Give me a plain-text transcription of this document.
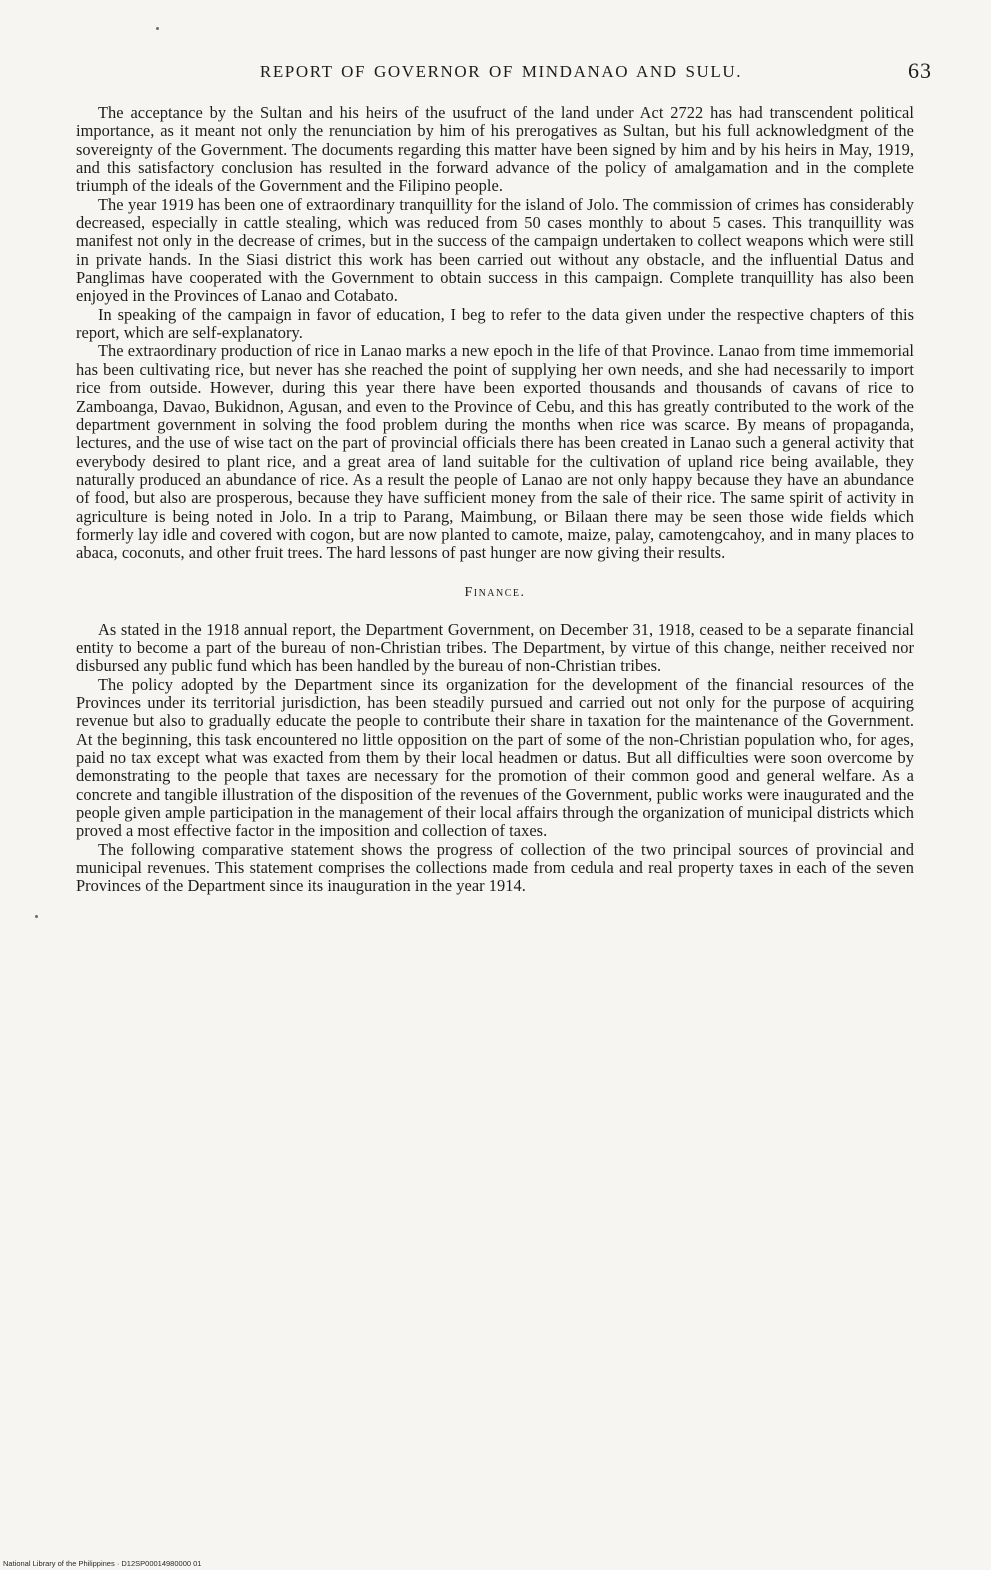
REPORT OF GOVERNOR OF MINDANAO AND SULU.	63

The acceptance by the Sultan and his heirs of the usufruct of the land under Act 2722 has had transcendent political importance, as it meant not only the renunciation by him of his prerogatives as Sultan, but his full acknowledgment of the sovereignty of the Government. The documents regarding this matter have been signed by him and by his heirs in May, 1919, and this satisfactory conclusion has resulted in the forward advance of the policy of amalgamation and in the complete triumph of the ideals of the Government and the Filipino people.

The year 1919 has been one of extraordinary tranquillity for the island of Jolo. The commission of crimes has considerably decreased, especially in cattle stealing, which was reduced from 50 cases monthly to about 5 cases. This tranquillity was manifest not only in the decrease of crimes, but in the success of the campaign undertaken to collect weapons which were still in private hands. In the Siasi district this work has been carried out without any obstacle, and the influential Datus and Panglimas have cooperated with the Government to obtain success in this campaign. Complete tranquillity has also been enjoyed in the Provinces of Lanao and Cotabato.

In speaking of the campaign in favor of education, I beg to refer to the data given under the respective chapters of this report, which are self-explanatory.

The extraordinary production of rice in Lanao marks a new epoch in the life of that Province. Lanao from time immemorial has been cultivating rice, but never has she reached the point of supplying her own needs, and she had necessarily to import rice from outside. However, during this year there have been exported thousands and thousands of cavans of rice to Zamboanga, Davao, Bukidnon, Agusan, and even to the Province of Cebu, and this has greatly contributed to the work of the department government in solving the food problem during the months when rice was scarce. By means of propaganda, lectures, and the use of wise tact on the part of provincial officials there has been created in Lanao such a general activity that everybody desired to plant rice, and a great area of land suitable for the cultivation of upland rice being available, they naturally produced an abundance of rice. As a result the people of Lanao are not only happy because they have an abundance of food, but also are prosperous, because they have sufficient money from the sale of their rice. The same spirit of activity in agriculture is being noted in Jolo. In a trip to Parang, Maimbung, or Bilaan there may be seen those wide fields which formerly lay idle and covered with cogon, but are now planted to camote, maize, palay, camotengcahoy, and in many places to abaca, coconuts, and other fruit trees. The hard lessons of past hunger are now giving their results.

Finance.

As stated in the 1918 annual report, the Department Government, on December 31, 1918, ceased to be a separate financial entity to become a part of the bureau of non-Christian tribes. The Department, by virtue of this change, neither received nor disbursed any public fund which has been handled by the bureau of non-Christian tribes.

The policy adopted by the Department since its organization for the development of the financial resources of the Provinces under its territorial jurisdiction, has been steadily pursued and carried out not only for the purpose of acquiring revenue but also to gradually educate the people to contribute their share in taxation for the maintenance of the Government. At the beginning, this task encountered no little opposition on the part of some of the non-Christian population who, for ages, paid no tax except what was exacted from them by their local headmen or datus. But all difficulties were soon overcome by demonstrating to the people that taxes are necessary for the promotion of their common good and general welfare. As a concrete and tangible illustration of the disposition of the revenues of the Government, public works were inaugurated and the people given ample participation in the management of their local affairs through the organization of municipal districts which proved a most effective factor in the imposition and collection of taxes.

The following comparative statement shows the progress of collection of the two principal sources of provincial and municipal revenues. This statement comprises the collections made from cedula and real property taxes in each of the seven Provinces of the Department since its inauguration in the year 1914.

National Library of the Philippines · D12SP00014980000 01
